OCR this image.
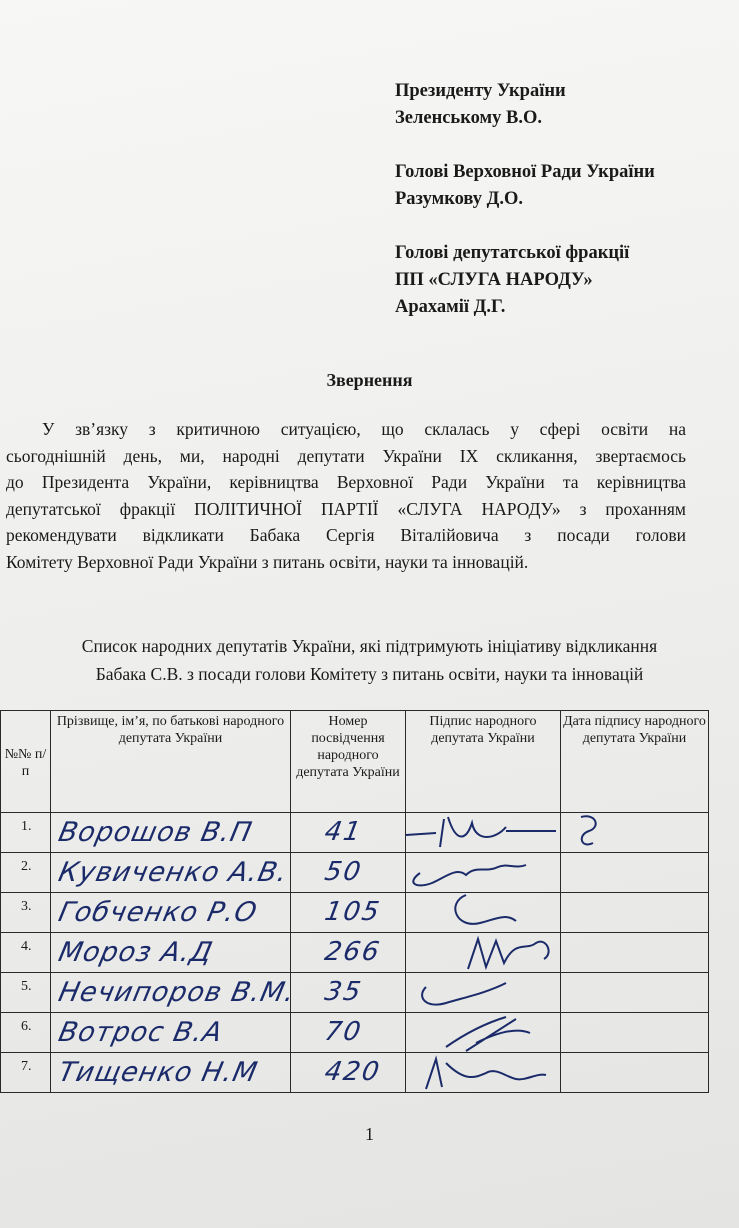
Президенту України
Зеленському В.О.
Голові Верховної Ради України
Разумкову Д.О.
Голові депутатської фракції
ПП «СЛУГА НАРОДУ»
Арахамії Д.Г.
Звернення
У зв’язку з критичною ситуацією, що склалась у сфері освіти на
сьогоднішній день, ми, народні депутати України ІХ скликання, звертаємось
до Президента України, керівництва Верховної Ради України та керівництва
депутатської фракції ПОЛІТИЧНОЇ ПАРТІЇ «СЛУГА НАРОДУ» з проханням
рекомендувати відкликати Бабака Сергія Віталійовича з посади голови
Комітету Верховної Ради України з питань освіти, науки та інновацій.
Список народних депутатів України, які підтримують ініціативу відкликання
Бабака С.В. з посади голови Комітету з питань освіти, науки та інновацій
№№ п/п	Прізвище, ім’я, по батькові народного депутата України	Номер посвідчення народного депутата України	Підпис народного депутата України	Дата підпису народного депутата України

1.	Ворошов В.П	41

2.	Кувиченко А.В.	50

3.	Гобченко Р.О	105

4.	Мороз А.Д	266

5.	Нечипоров В.М.	35

6.	Вотрос В.А	70

7.	Тищенко Н.М	420

1
